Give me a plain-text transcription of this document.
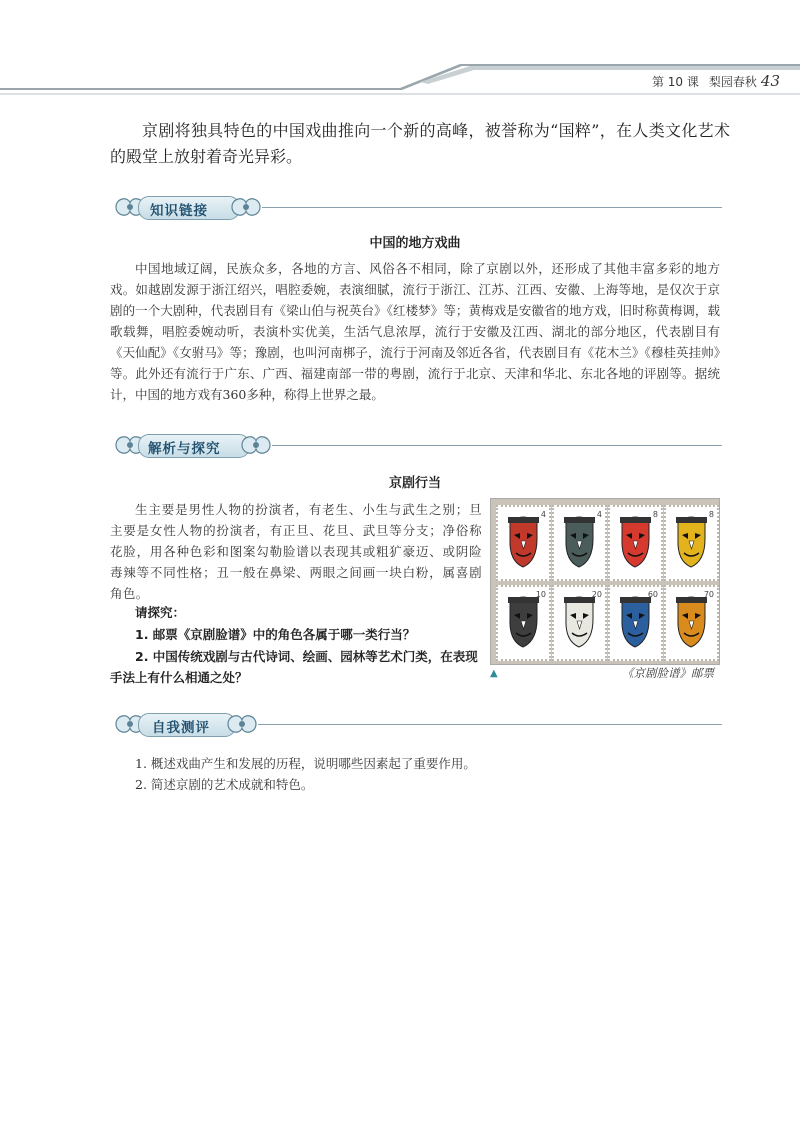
第 10 课 梨园春秋 43
京剧将独具特色的中国戏曲推向一个新的高峰，被誉称为“国粹”，在人类文化艺术的殿堂上放射着奇光异彩。
知识链接
中国的地方戏曲
中国地域辽阔，民族众多，各地的方言、风俗各不相同，除了京剧以外，还形成了其他丰富多彩的地方戏。如越剧发源于浙江绍兴，唱腔委婉，表演细腻，流行于浙江、江苏、江西、安徽、上海等地，是仅次于京剧的一个大剧种，代表剧目有《梁山伯与祝英台》《红楼梦》等；黄梅戏是安徽省的地方戏，旧时称黄梅调，载歌载舞，唱腔委婉动听，表演朴实优美，生活气息浓厚，流行于安徽及江西、湖北的部分地区，代表剧目有《天仙配》《女驸马》等；豫剧，也叫河南梆子，流行于河南及邻近各省，代表剧目有《花木兰》《穆桂英挂帅》等。此外还有流行于广东、广西、福建南部一带的粤剧，流行于北京、天津和华北、东北各地的评剧等。据统计，中国的地方戏有360多种，称得上世界之最。
解析与探究
京剧行当
生主要是男性人物的扮演者，有老生、小生与武生之别；旦主要是女性人物的扮演者，有正旦、花旦、武旦等分支；净俗称花脸，用各种色彩和图案勾勒脸谱以表现其或粗犷豪迈、或阴险毒辣等不同性格；丑一般在鼻梁、两眼之间画一块白粉，属喜剧角色。
请探究：
1. 邮票《京剧脸谱》中的角色各属于哪一类行当？
2. 中国传统戏剧与古代诗词、绘画、园林等艺术门类，在表现手法上有什么相通之处？
4	4	8	8
10	20	60	70
▲	《京剧脸谱》邮票
自我测评
1. 概述戏曲产生和发展的历程，说明哪些因素起了重要作用。
2. 简述京剧的艺术成就和特色。
